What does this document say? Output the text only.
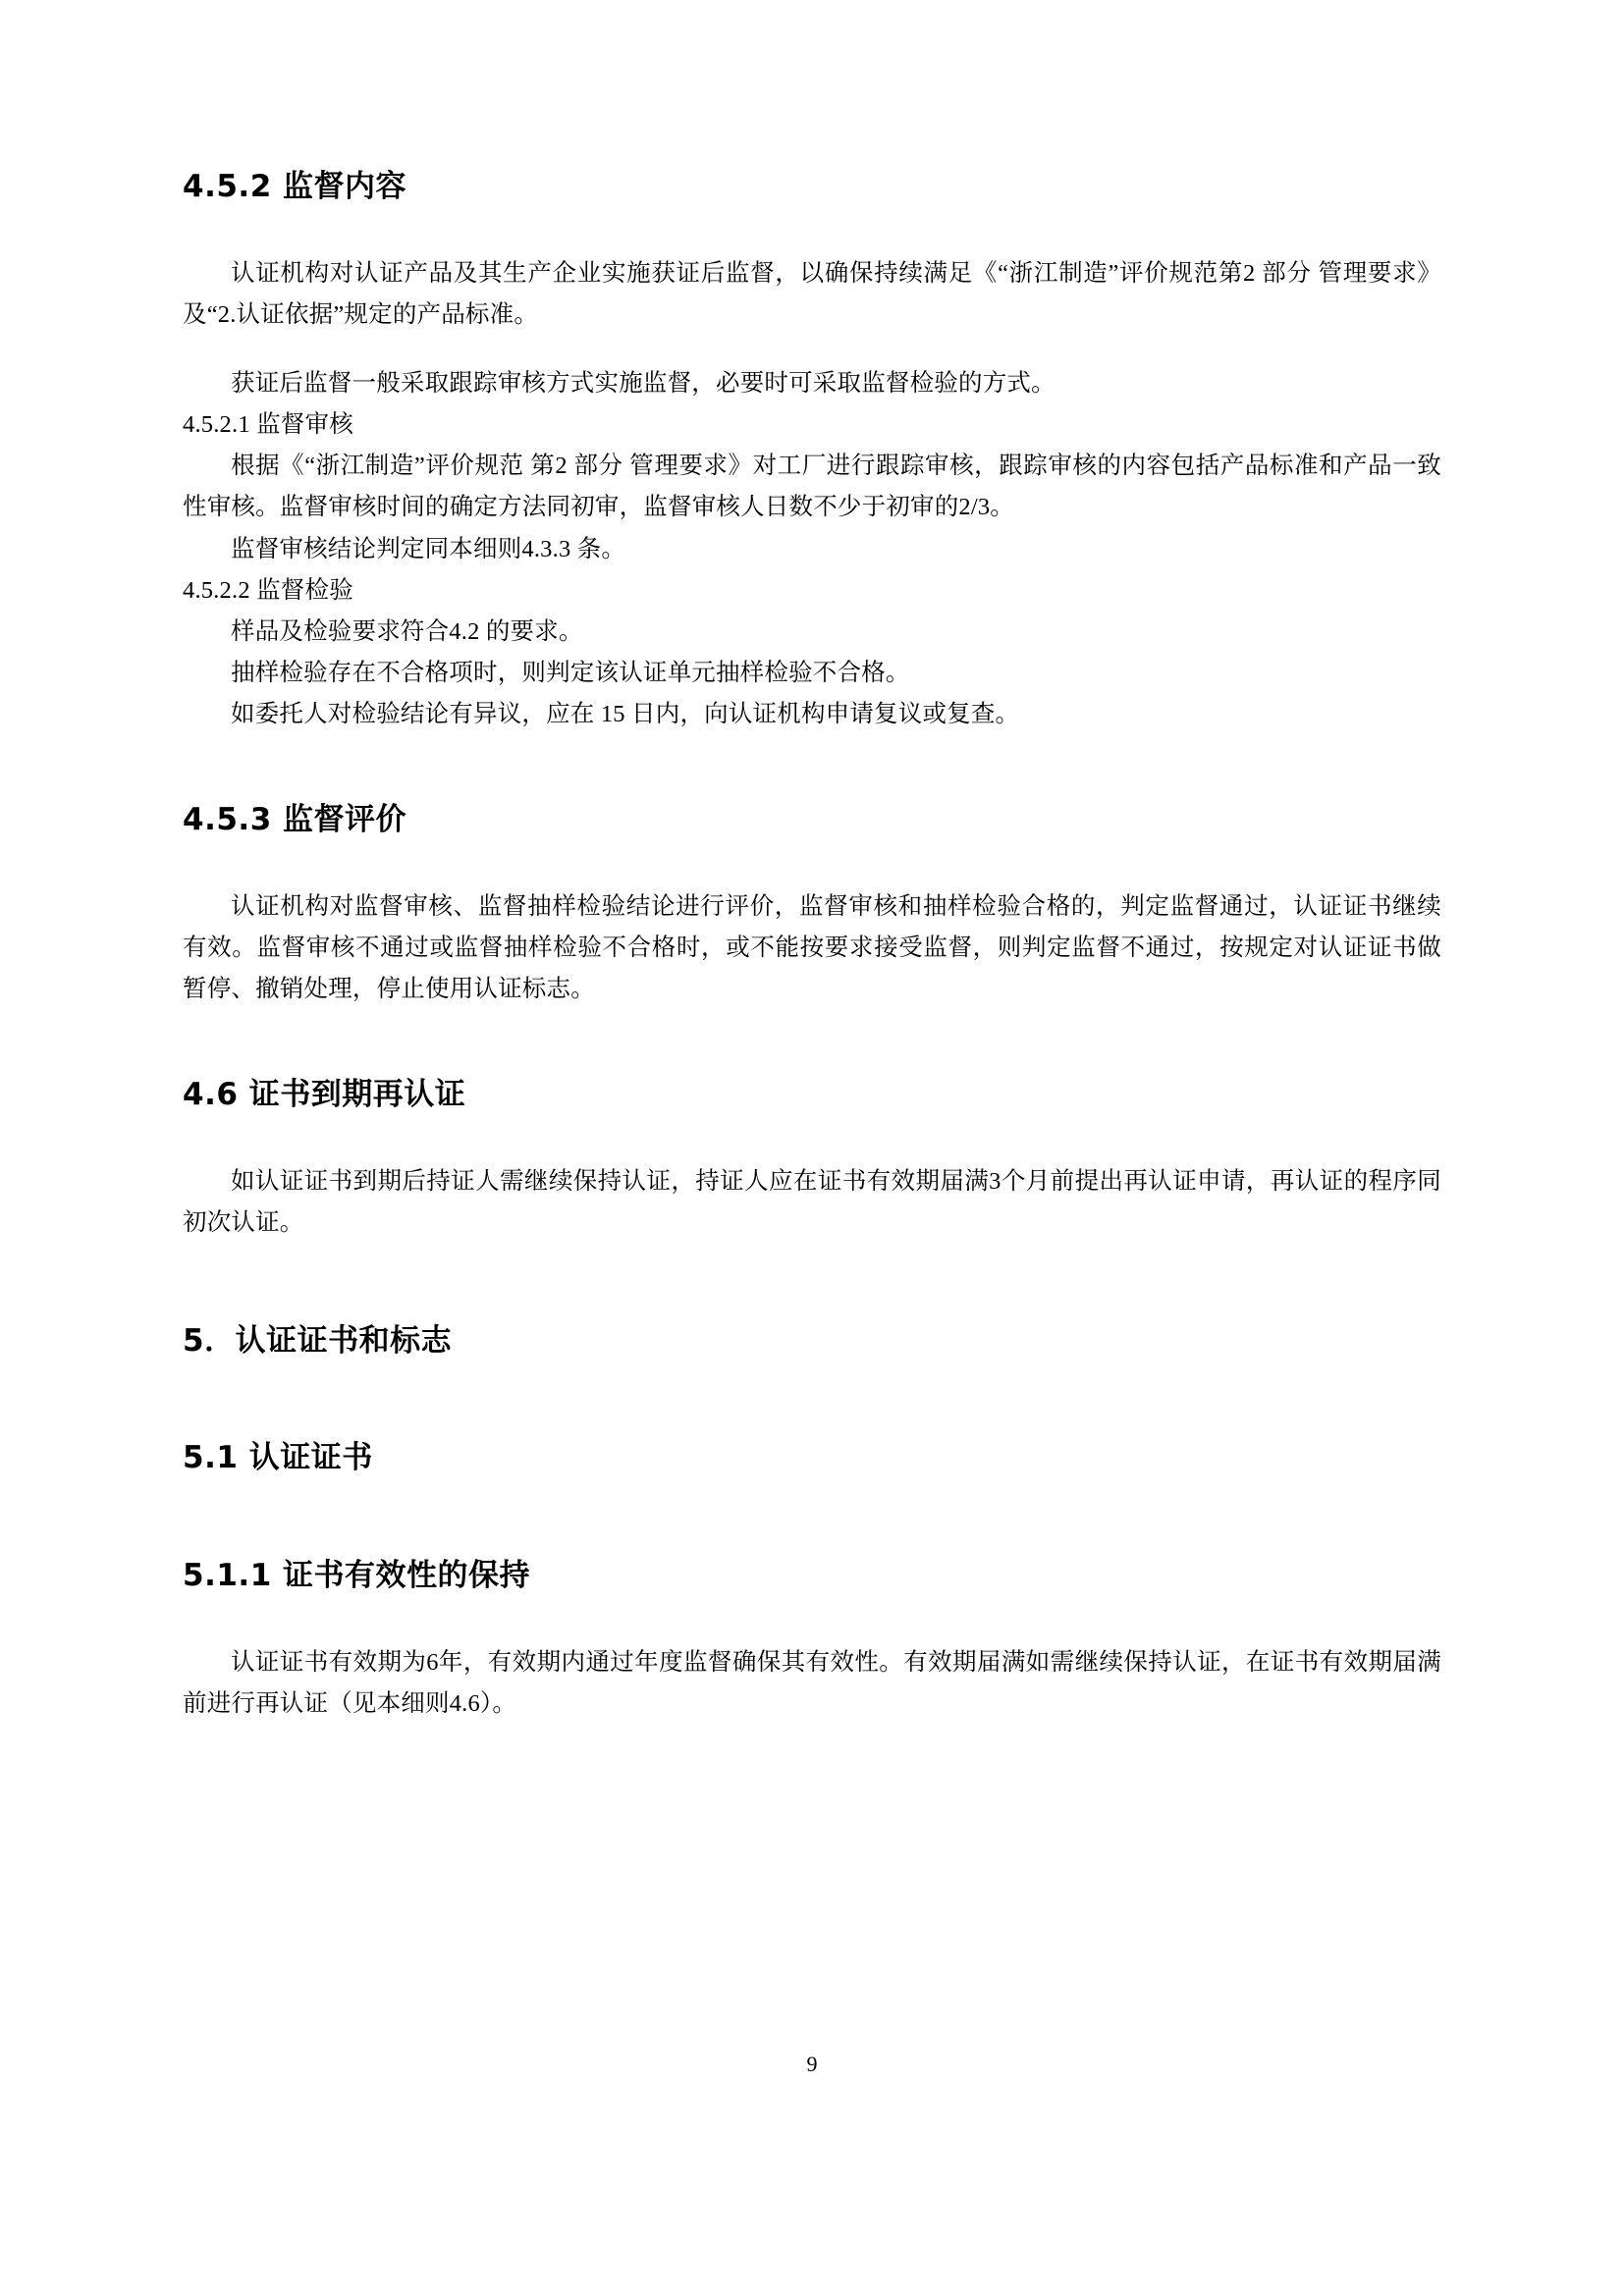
4.5.2 监督内容

认证机构对认证产品及其生产企业实施获证后监督，以确保持续满足《“浙江制造”评价规范第2 部分 管理要求》及“2.认证依据”规定的产品标准。

获证后监督一般采取跟踪审核方式实施监督，必要时可采取监督检验的方式。

4.5.2.1 监督审核

根据《“浙江制造”评价规范 第2 部分 管理要求》对工厂进行跟踪审核，跟踪审核的内容包括产品标准和产品一致性审核。监督审核时间的确定方法同初审，监督审核人日数不少于初审的2/3。

监督审核结论判定同本细则4.3.3 条。

4.5.2.2 监督检验

样品及检验要求符合4.2 的要求。

抽样检验存在不合格项时，则判定该认证单元抽样检验不合格。

如委托人对检验结论有异议，应在 15 日内，向认证机构申请复议或复查。

4.5.3 监督评价

认证机构对监督审核、监督抽样检验结论进行评价，监督审核和抽样检验合格的，判定监督通过，认证证书继续有效。监督审核不通过或监督抽样检验不合格时，或不能按要求接受监督，则判定监督不通过，按规定对认证证书做暂停、撤销处理，停止使用认证标志。

4.6 证书到期再认证

如认证证书到期后持证人需继续保持认证，持证人应在证书有效期届满3个月前提出再认证申请，再认证的程序同初次认证。

5．认证证书和标志
5.1 认证证书
5.1.1 证书有效性的保持

认证证书有效期为6年，有效期内通过年度监督确保其有效性。有效期届满如需继续保持认证，在证书有效期届满前进行再认证（见本细则4.6）。

9
